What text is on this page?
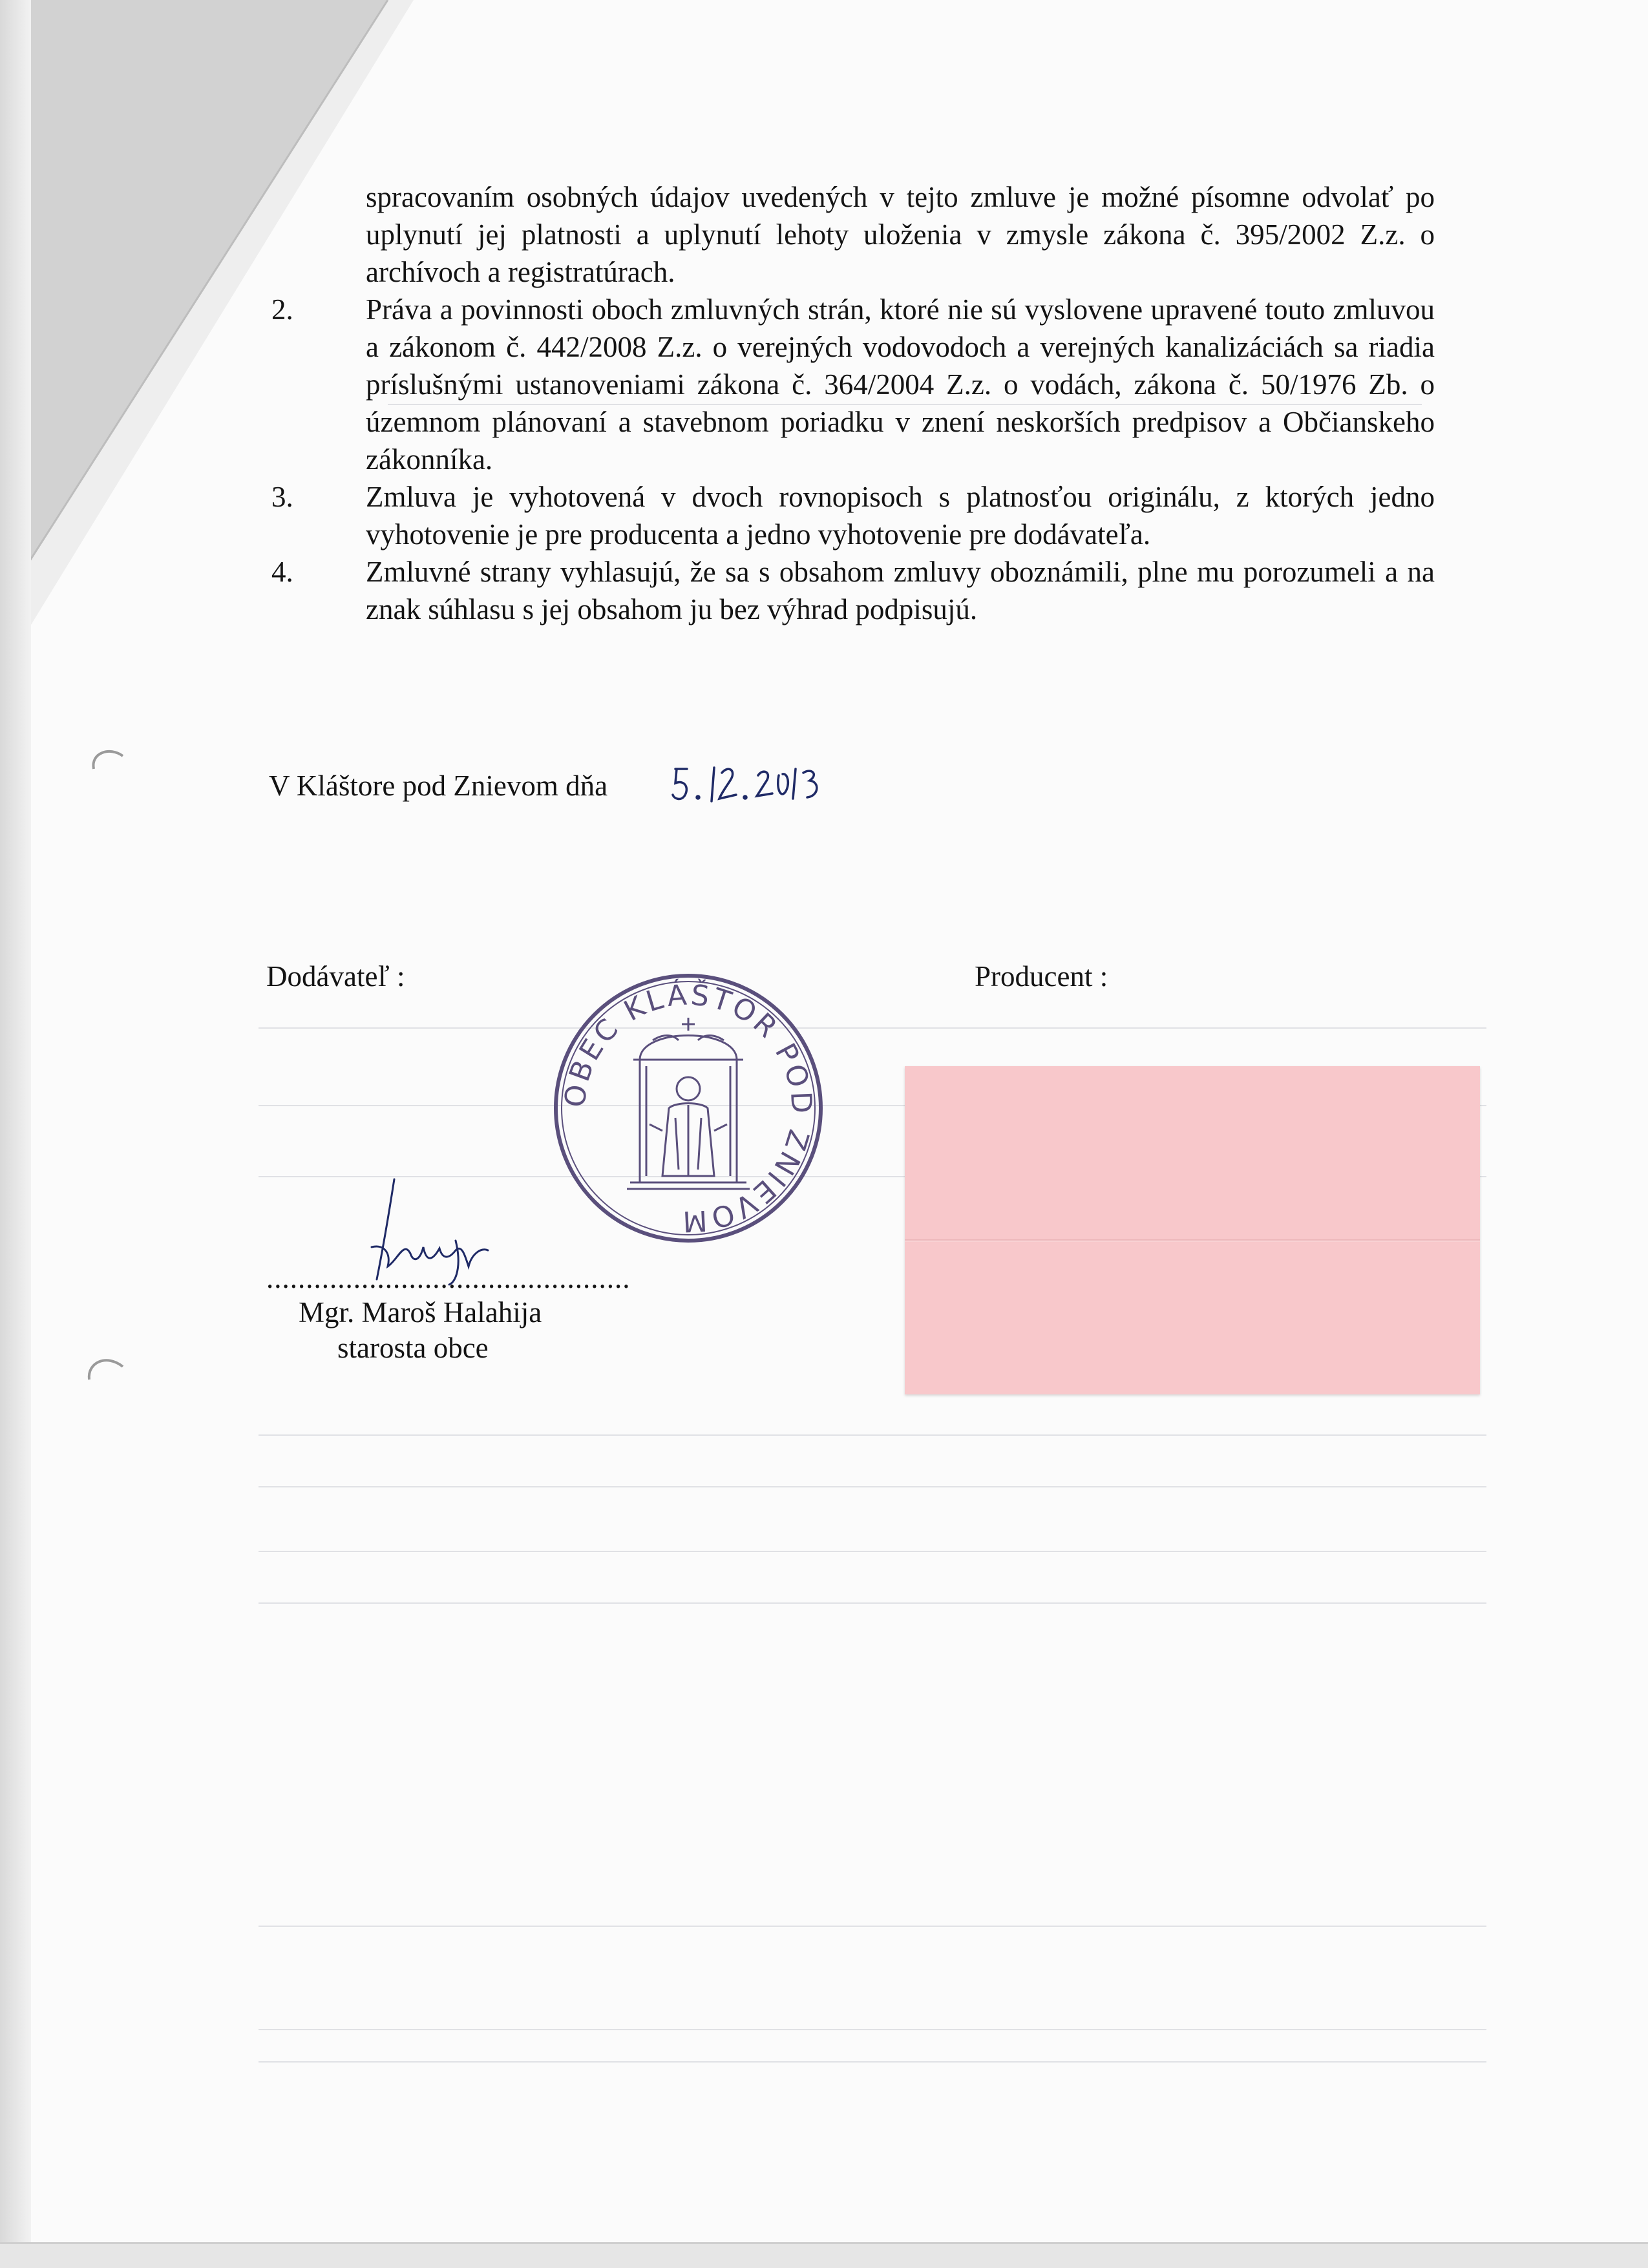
spracovaním osobných údajov uvedených v tejto zmluve je možné písomne odvolať po uplynutí jej platnosti a uplynutí lehoty uloženia v zmysle zákona č. 395/2002 Z.z. o archívoch a registratúrach.
2. Práva a povinnosti oboch zmluvných strán, ktoré nie sú vyslovene upravené touto zmluvou a zákonom č. 442/2008 Z.z. o verejných vodovodoch a verejných kanalizáciách sa riadia príslušnými ustanoveniami zákona č. 364/2004 Z.z. o vodách, zákona č. 50/1976 Zb. o územnom plánovaní a stavebnom poriadku v znení neskorších predpisov a Občianskeho zákonníka.
3. Zmluva je vyhotovená v dvoch rovnopisoch s platnosťou originálu, z ktorých jedno vyhotovenie je pre producenta a jedno vyhotovenie pre dodávateľa.
4. Zmluvné strany vyhlasujú, že sa s obsahom zmluvy oboznámili, plne mu porozumeli a na znak súhlasu s jej obsahom ju bez výhrad podpisujú.
V Kláštore pod Znievom dňa
Dodávateľ :	Producent :
OBEC KLÁŠTOR POD ZNIEVOM
..............................................
Mgr. Maroš Halahija
starosta obce
